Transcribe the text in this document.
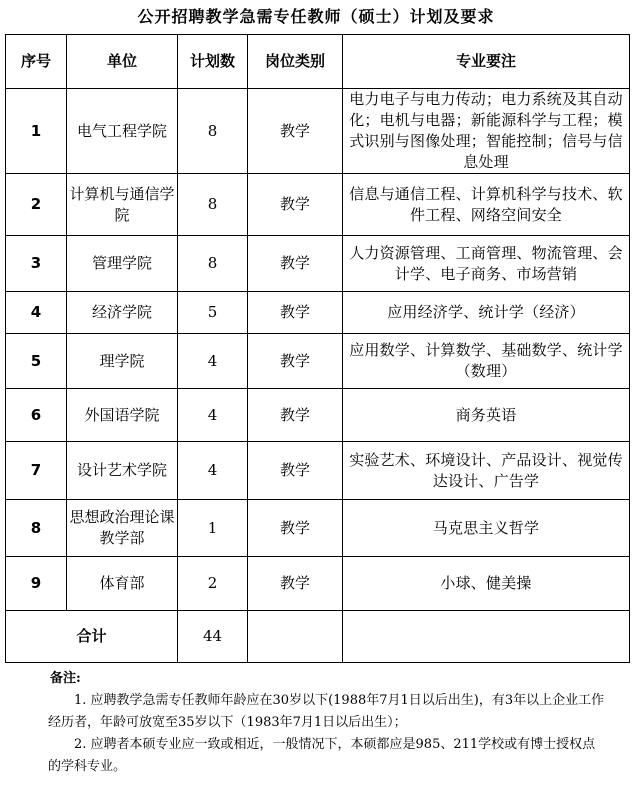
公开招聘教学急需专任教师（硕士）计划及要求
序号	单位	计划数	岗位类别	专业要注
1	电气工程学院	8	教学	电力电子与电力传动；电力系统及其自动化；电机与电器；新能源科学与工程；模式识别与图像处理；智能控制；信号与信息处理
2	计算机与通信学院	8	教学	信息与通信工程、计算机科学与技术、软件工程、网络空间安全
3	管理学院	8	教学	人力资源管理、工商管理、物流管理、会计学、电子商务、市场营销
4	经济学院	5	教学	应用经济学、统计学（经济）
5	理学院	4	教学	应用数学、计算数学、基础数学、统计学（数理）
6	外国语学院	4	教学	商务英语
7	设计艺术学院	4	教学	实验艺术、环境设计、产品设计、视觉传达设计、广告学
8	思想政治理论课教学部	1	教学	马克思主义哲学
9	体育部	2	教学	小球、健美操
合计		44		
备注:
1. 应聘教学急需专任教师年龄应在30岁以下(1988年7月1日以后出生)，有3年以上企业工作经历者，年龄可放宽至35岁以下（1983年7月1日以后出生）；
2. 应聘者本硕专业应一致或相近，一般情况下，本硕都应是985、211学校或有博士授权点的学科专业。
